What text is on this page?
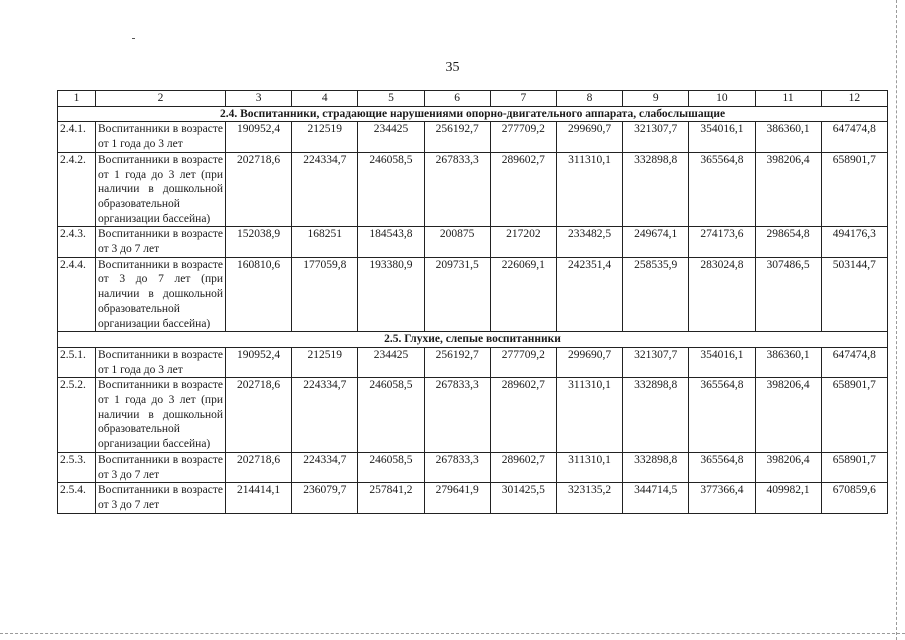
35
1	2	3	4	5	6	7	8	9	10	11	12
2.4. Воспитанники, страдающие нарушениями опорно-двигательного аппарата, слабослышащие											
2.4.1.	Воспитанники в возрасте от 1 года до 3 лет	190952,4	212519	234425	256192,7	277709,2	299690,7	321307,7	354016,1	386360,1	647474,8
2.4.2.	Воспитанники в возрасте от 1 года до 3 лет (при наличии в дошкольной образовательной организации бассейна)	202718,6	224334,7	246058,5	267833,3	289602,7	311310,1	332898,8	365564,8	398206,4	658901,7
2.4.3.	Воспитанники в возрасте от 3 до 7 лет	152038,9	168251	184543,8	200875	217202	233482,5	249674,1	274173,6	298654,8	494176,3
2.4.4.	Воспитанники в возрасте от 3 до 7 лет (при наличии в дошкольной образовательной организации бассейна)	160810,6	177059,8	193380,9	209731,5	226069,1	242351,4	258535,9	283024,8	307486,5	503144,7
2.5. Глухие, слепые воспитанники											
2.5.1.	Воспитанники в возрасте от 1 года до 3 лет	190952,4	212519	234425	256192,7	277709,2	299690,7	321307,7	354016,1	386360,1	647474,8
2.5.2.	Воспитанники в возрасте от 1 года до 3 лет (при наличии в дошкольной образовательной организации бассейна)	202718,6	224334,7	246058,5	267833,3	289602,7	311310,1	332898,8	365564,8	398206,4	658901,7
2.5.3.	Воспитанники в возрасте от 3 до 7 лет	202718,6	224334,7	246058,5	267833,3	289602,7	311310,1	332898,8	365564,8	398206,4	658901,7
2.5.4.	Воспитанники в возрасте от 3 до 7 лет	214414,1	236079,7	257841,2	279641,9	301425,5	323135,2	344714,5	377366,4	409982,1	670859,6
